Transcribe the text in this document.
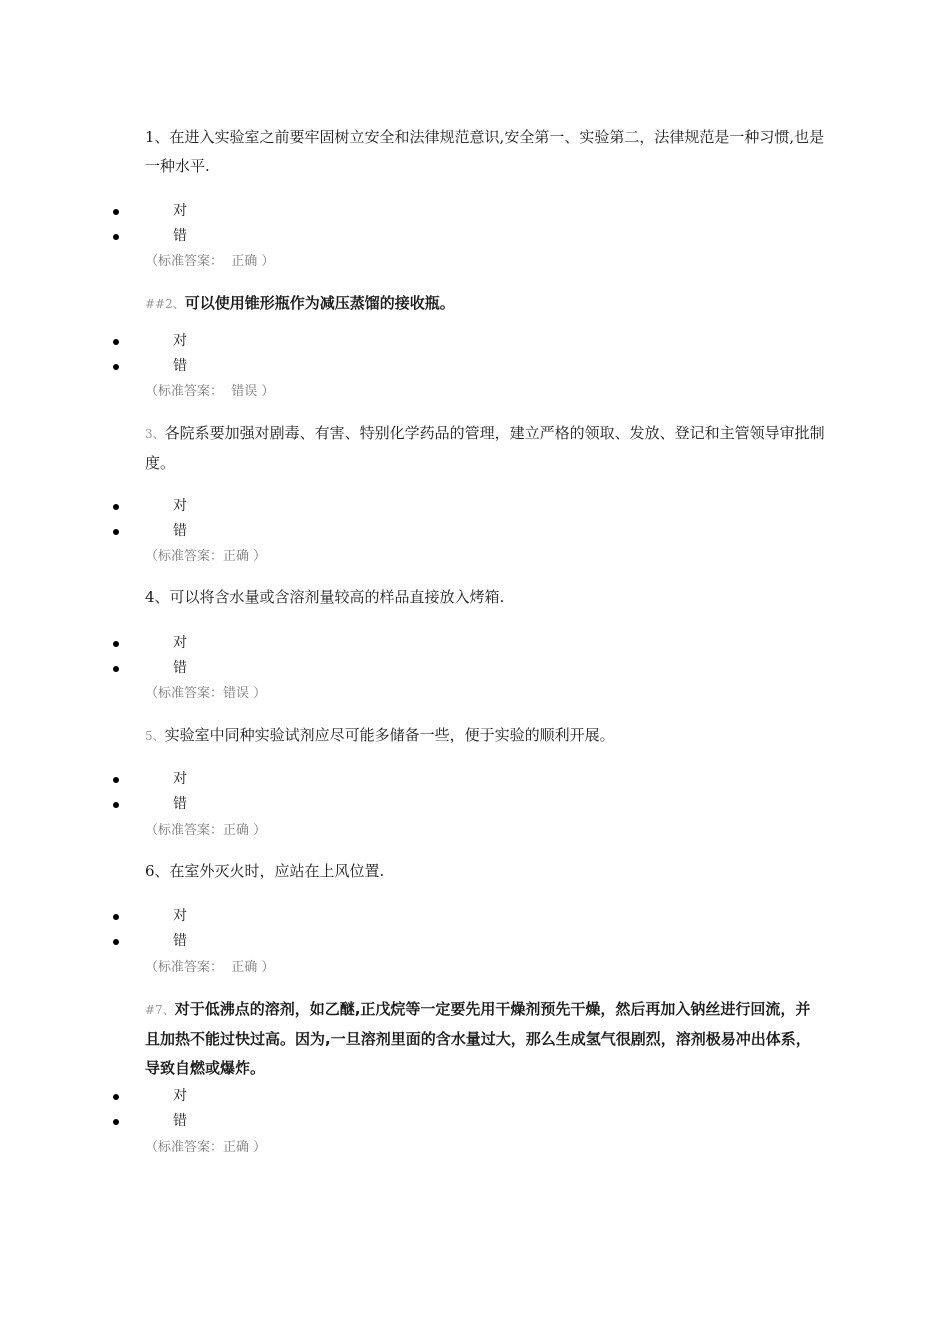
1、在进入实验室之前要牢固树立安全和法律规范意识,安全第一、实验第二，法律规范是一种习惯,也是一种水平.
对
错
（标准答案：  正确 ）
##2、可以使用锥形瓶作为减压蒸馏的接收瓶。
对
错
（标准答案：  错误 ）
3、各院系要加强对剧毒、有害、特别化学药品的管理，建立严格的领取、发放、登记和主管领导审批制度。
对
错
（标准答案：正确 ）
4、可以将含水量或含溶剂量较高的样品直接放入烤箱.
对
错
（标准答案：错误 ）
5、实验室中同种实验试剂应尽可能多储备一些，便于实验的顺利开展。
对
错
（标准答案：正确 ）
6、在室外灭火时，应站在上风位置.
对
错
（标准答案：  正确 ）
#7、对于低沸点的溶剂，如乙醚,正戊烷等一定要先用干燥剂预先干燥，然后再加入钠丝进行回流，并且加热不能过快过高。因为,一旦溶剂里面的含水量过大，那么生成氢气很剧烈，溶剂极易冲出体系，导致自燃或爆炸。
对
错
（标准答案：正确 ）
